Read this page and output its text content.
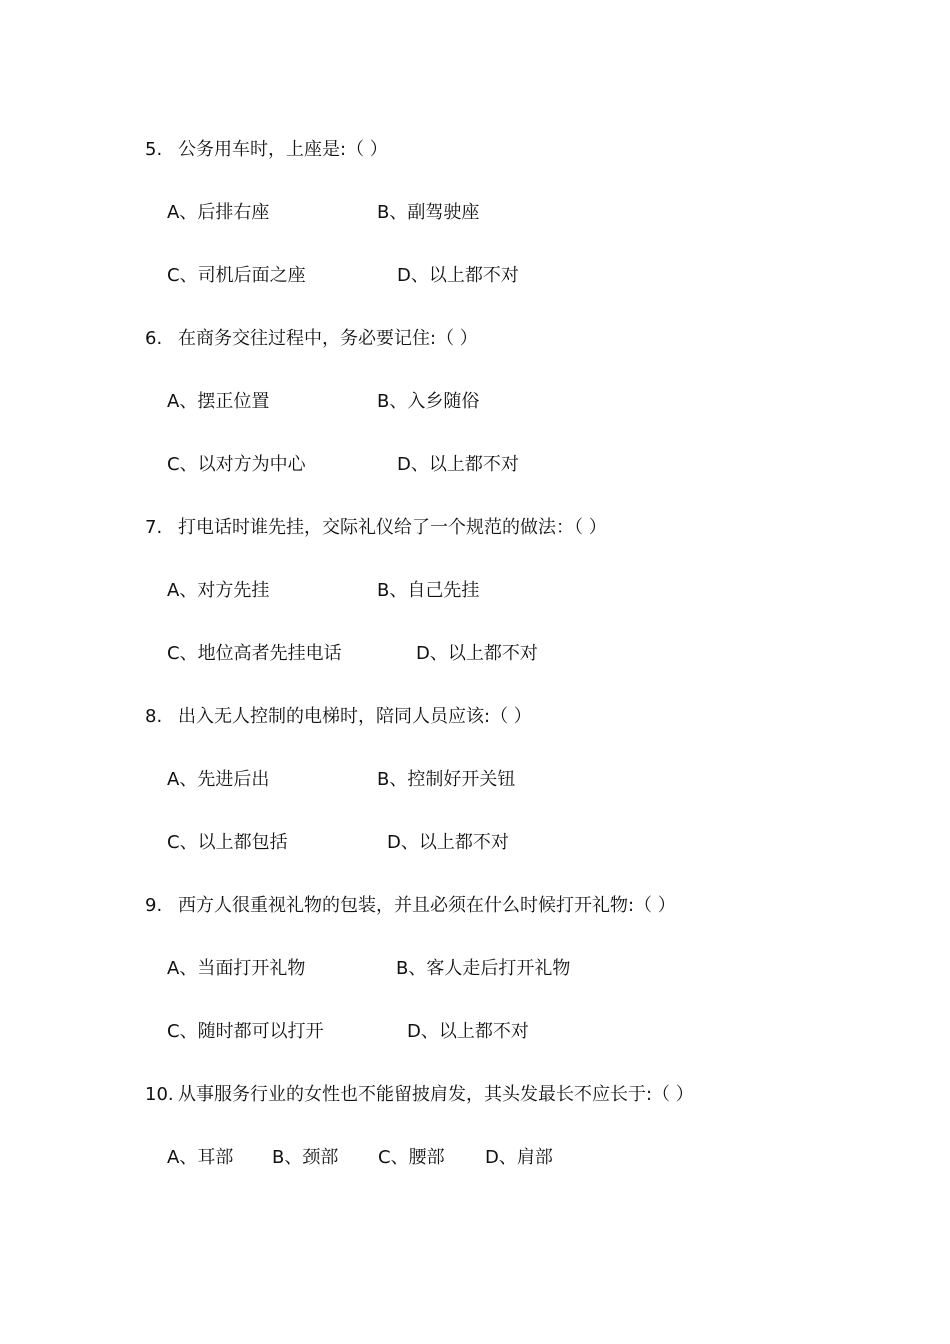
5. 公务用车时，上座是:（ ）
A、后排右座	B、副驾驶座
C、司机后面之座	D、以上都不对
6. 在商务交往过程中，务必要记住:（ ）
A、摆正位置	B、入乡随俗
C、以对方为中心	D、以上都不对
7. 打电话时谁先挂，交际礼仪给了一个规范的做法：（ ）
A、对方先挂	B、自己先挂
C、地位高者先挂电话	D、以上都不对
8. 出入无人控制的电梯时，陪同人员应该:（ ）
A、先进后出	B、控制好开关钮
C、以上都包括	D、以上都不对
9. 西方人很重视礼物的包装，并且必须在什么时候打开礼物:（ ）
A、当面打开礼物	B、客人走后打开礼物
C、随时都可以打开	D、以上都不对
10. 从事服务行业的女性也不能留披肩发，其头发最长不应长于:（ ）
A、耳部 B、颈部 C、腰部 D、肩部
